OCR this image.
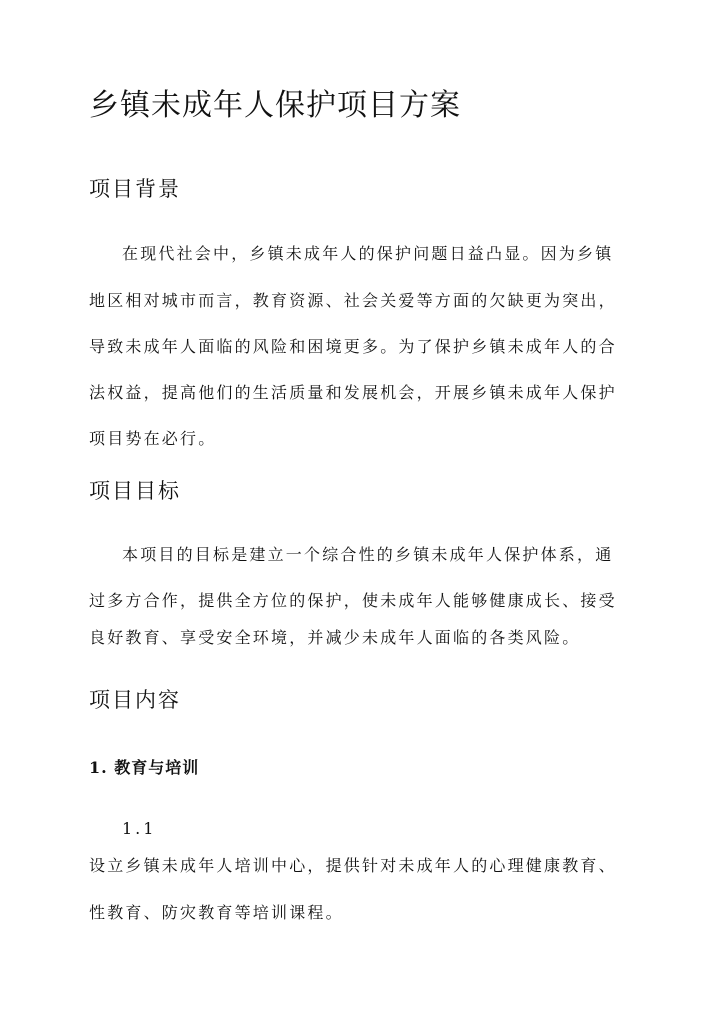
乡镇未成年人保护项目方案
项目背景
在现代社会中，乡镇未成年人的保护问题日益凸显。因为乡镇
地区相对城市而言，教育资源、社会关爱等方面的欠缺更为突出，
导致未成年人面临的风险和困境更多。为了保护乡镇未成年人的合
法权益，提高他们的生活质量和发展机会，开展乡镇未成年人保护
项目势在必行。
项目目标
本项目的目标是建立一个综合性的乡镇未成年人保护体系，通
过多方合作，提供全方位的保护，使未成年人能够健康成长、接受
良好教育、享受安全环境，并减少未成年人面临的各类风险。
项目内容
1. 教育与培训
1.1
设立乡镇未成年人培训中心，提供针对未成年人的心理健康教育、
性教育、防灾教育等培训课程。
